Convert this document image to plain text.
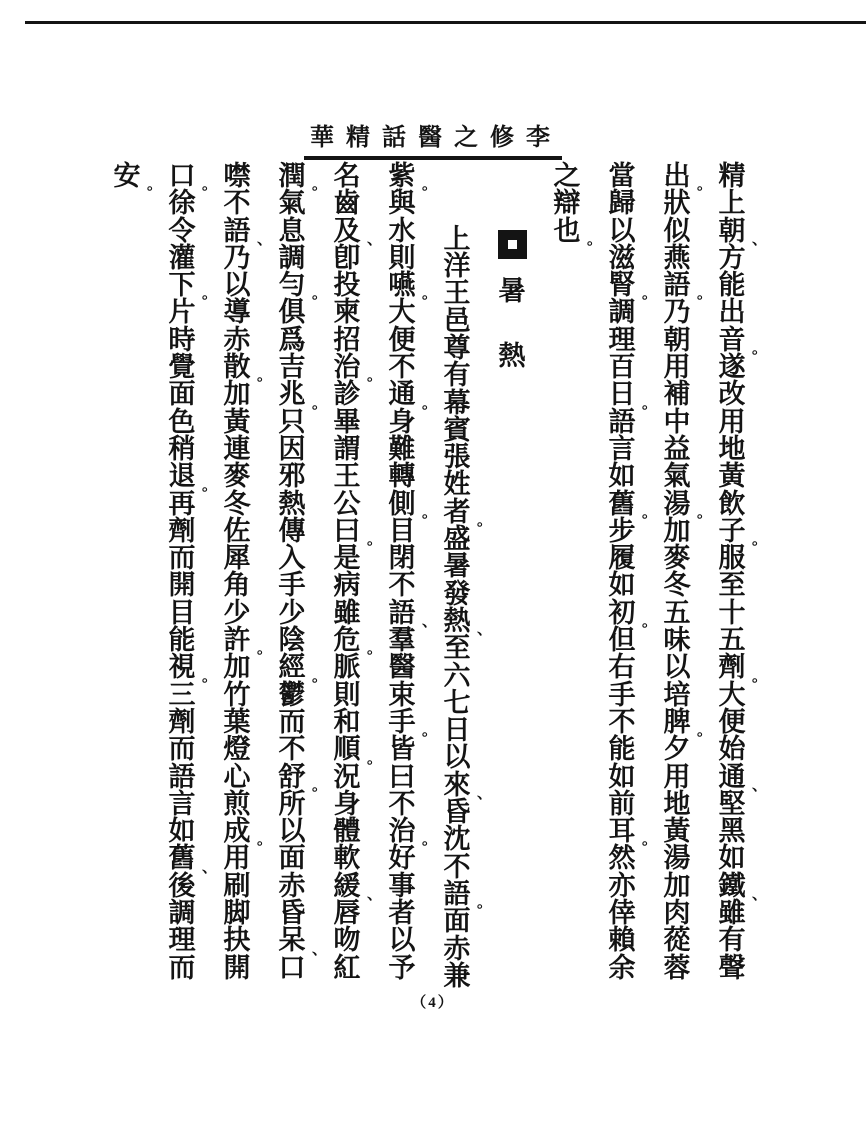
華精話醫之修李
精
上
朝 、
方
能
出
音 。
遂
改
用
地
黃
飲
子 。
服
至
十
五
劑 。
大
便
始
通 、
堅
黑
如
鐵 、
雖
有
聲
出 。
狀
似
燕
語 。
乃
朝
用
補
中
益
氣
湯 。
加
麥
冬
五
味
以
培
脾 。
夕
用
地
黃
湯
加
肉
蓯
蓉
當
歸
以
滋
腎 。
調
理
百
日 。
語
言
如
舊 。
步
履
如
初 。
但
右
手
不
能
如
前
耳 。
然
亦
倖
賴
余
之
辯
也 。
暑
熱
上
洋
王
邑
尊
有
幕
賓
張
姓
者 。
盛
暑
發
熱 、
至
六
七
日
以
來 、
昏
沈
不
語 。
面
赤
兼
紫 。
與
水
則
嚥 。
大
便
不
通 。
身
難
轉
側 。
目
閉
不
語 、
羣
醫
束
手 。
皆
曰
不
治 。
好
事
者
以
予
名
齒
及 、
卽
投
柬
招
治 。
診
畢
謂
王
公
曰 。
是
病
雖
危 。
脈
則
和
順 。
況
身
體
軟
緩 、
唇
吻
紅
潤 。
氣
息
調
勻 。
俱
爲
吉
兆 。
只
因
邪
熱
傳
入
手
少
陰
經 。
鬱
而
不
舒 。
所
以
面
赤
昏
呆 、
口
噤
不
語 、
乃
以
導
赤
散 。
加
黃
連
麥
冬
佐
犀
角
少
許 。
加
竹
葉
燈
心
煎
成 。
用
刷
脚
抉
開
口 。
徐
令
灌
下 。
片
時
覺
面
色
稍
退 。
再
劑
而
開
目
能
視 。
三
劑
而
語
言
如
舊 、
後
調
理
而
安 。
（4）
